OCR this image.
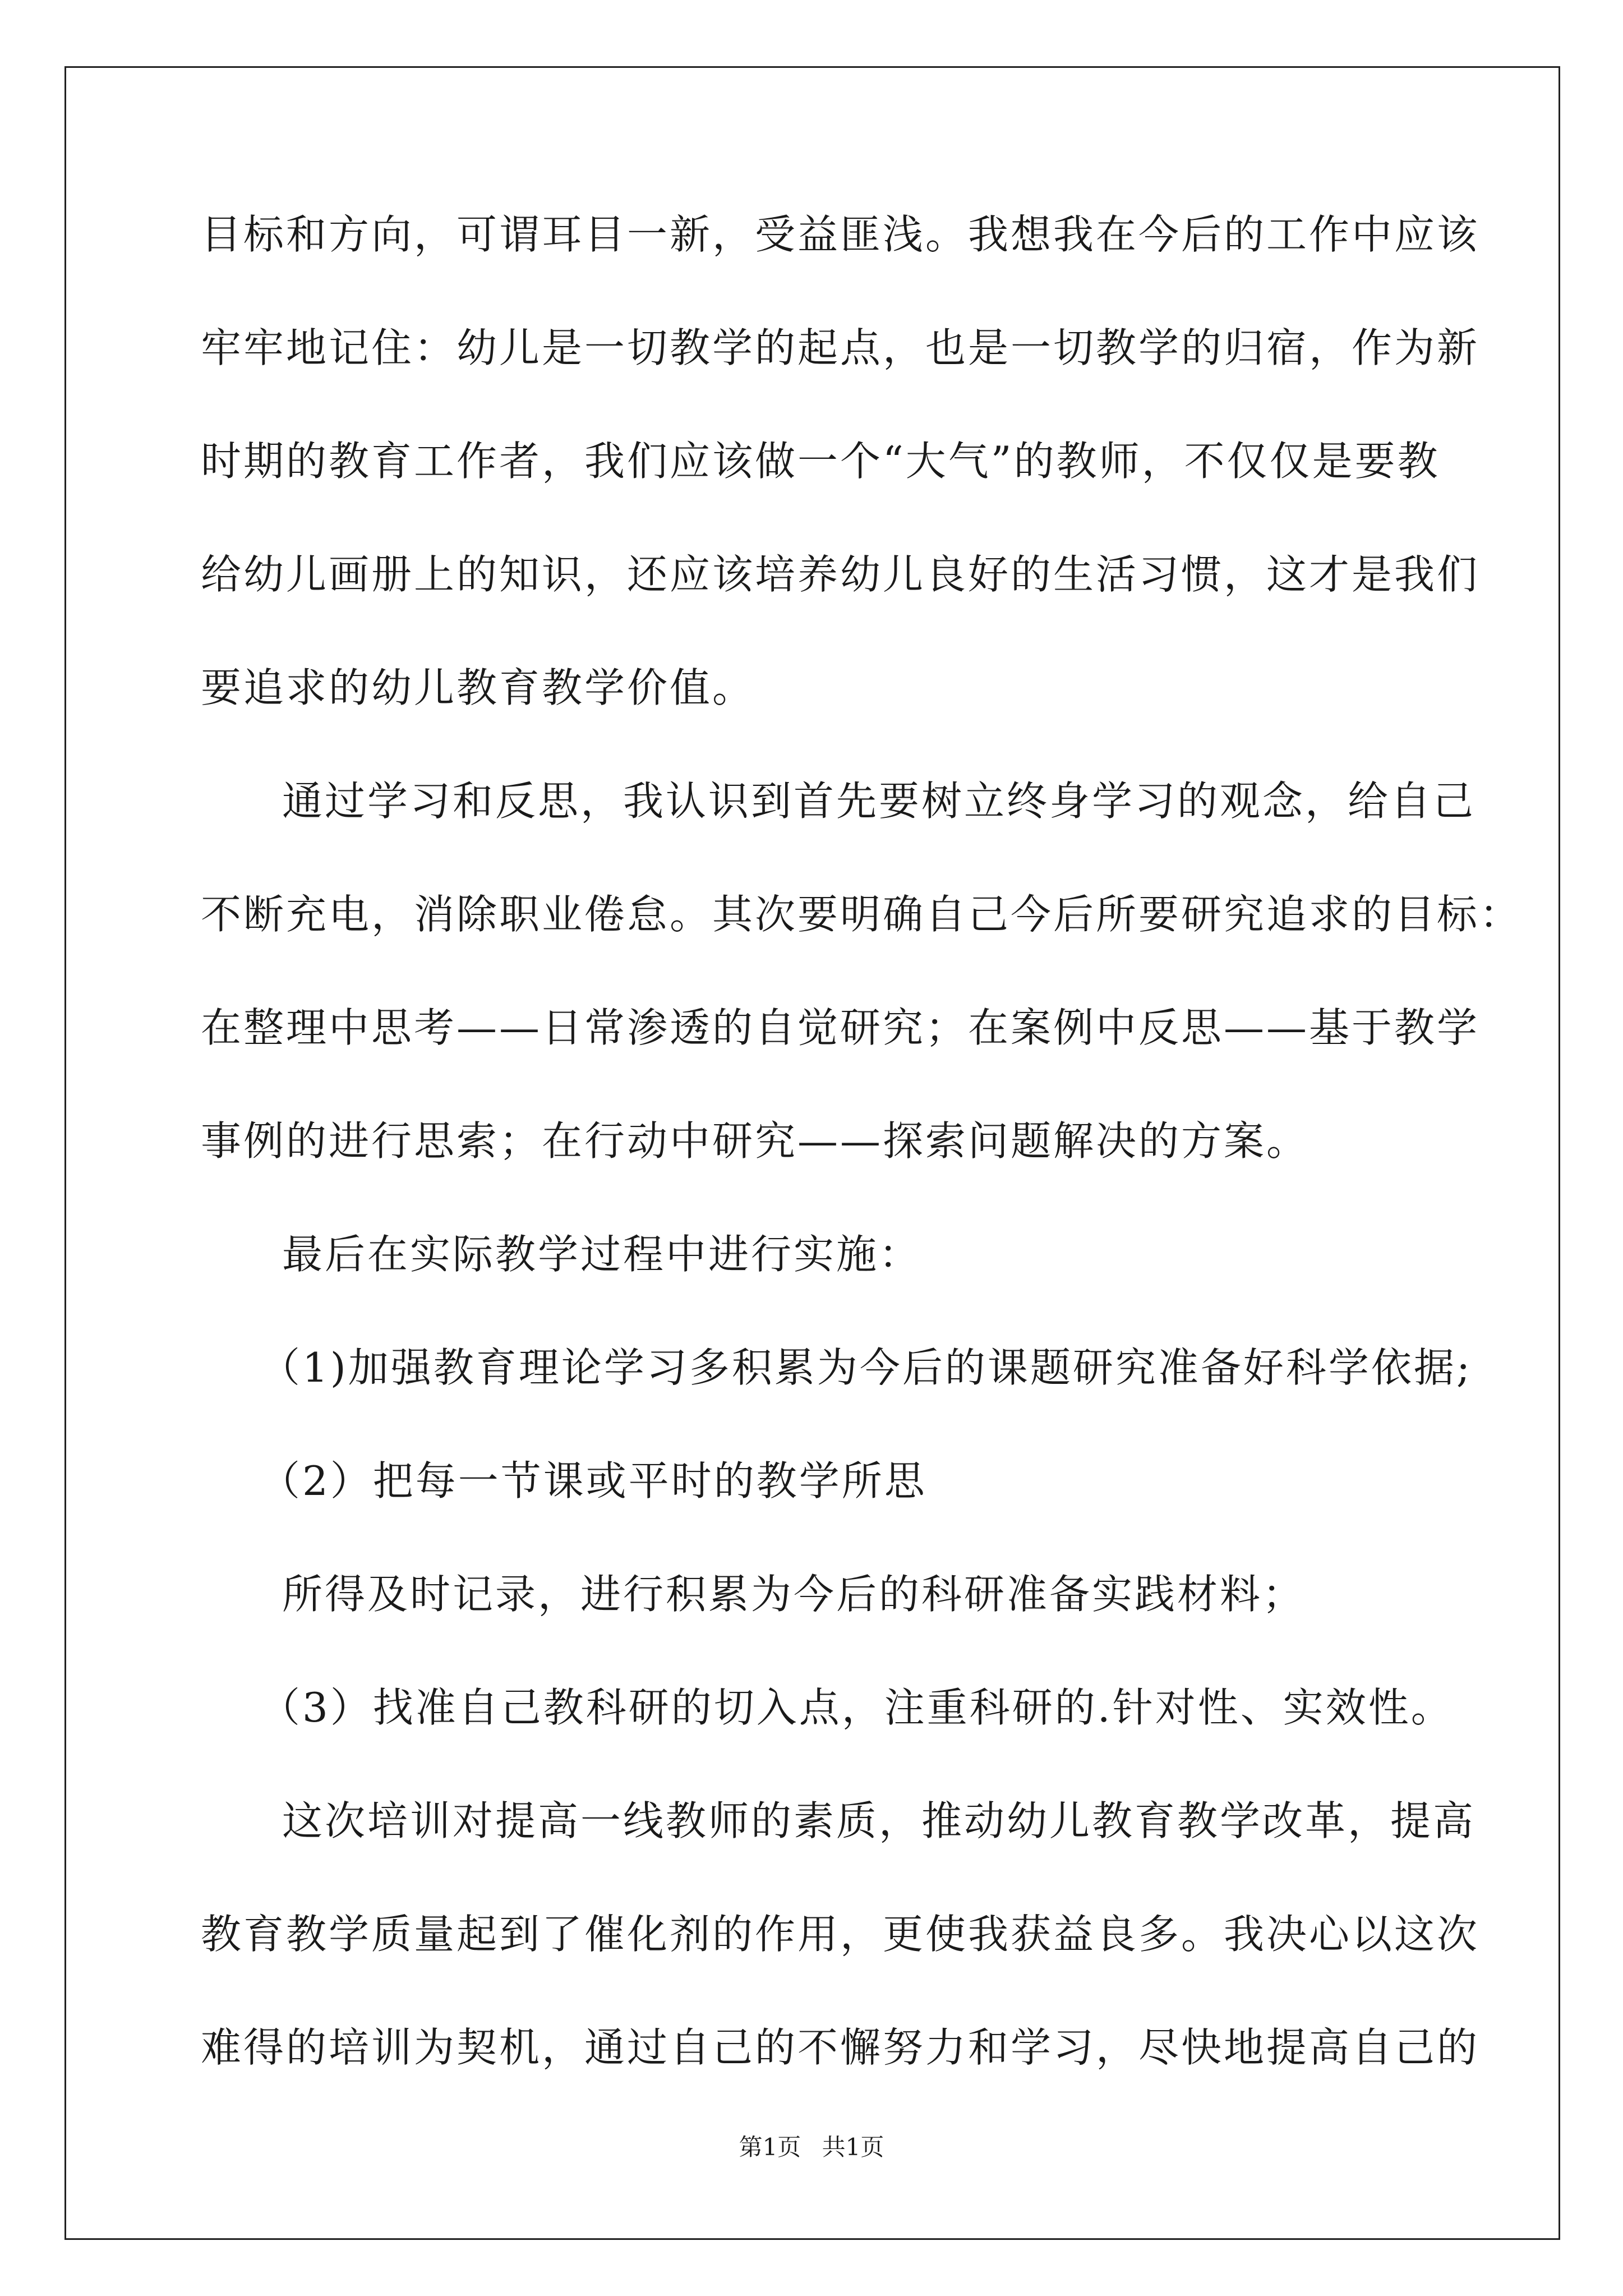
目标和方向，可谓耳目一新，受益匪浅。我想我在今后的工作中应该
牢牢地记住：幼儿是一切教学的起点，也是一切教学的归宿，作为新
时期的教育工作者，我们应该做一个“大气”的教师，不仅仅是要教
给幼儿画册上的知识，还应该培养幼儿良好的生活习惯，这才是我们
要追求的幼儿教育教学价值。
通过学习和反思，我认识到首先要树立终身学习的观念，给自己
不断充电，消除职业倦怠。其次要明确自己今后所要研究追求的目标：
在整理中思考——日常渗透的自觉研究；在案例中反思——基于教学
事例的进行思索；在行动中研究——探索问题解决的方案。
最后在实际教学过程中进行实施：
（1)加强教育理论学习多积累为今后的课题研究准备好科学依据;
（2）把每一节课或平时的教学所思
所得及时记录，进行积累为今后的科研准备实践材料；
（3）找准自己教科研的切入点，注重科研的.针对性、实效性。
这次培训对提高一线教师的素质，推动幼儿教育教学改革，提高
教育教学质量起到了催化剂的作用，更使我获益良多。我决心以这次
难得的培训为契机，通过自己的不懈努力和学习，尽快地提高自己的
第1页 共1页
